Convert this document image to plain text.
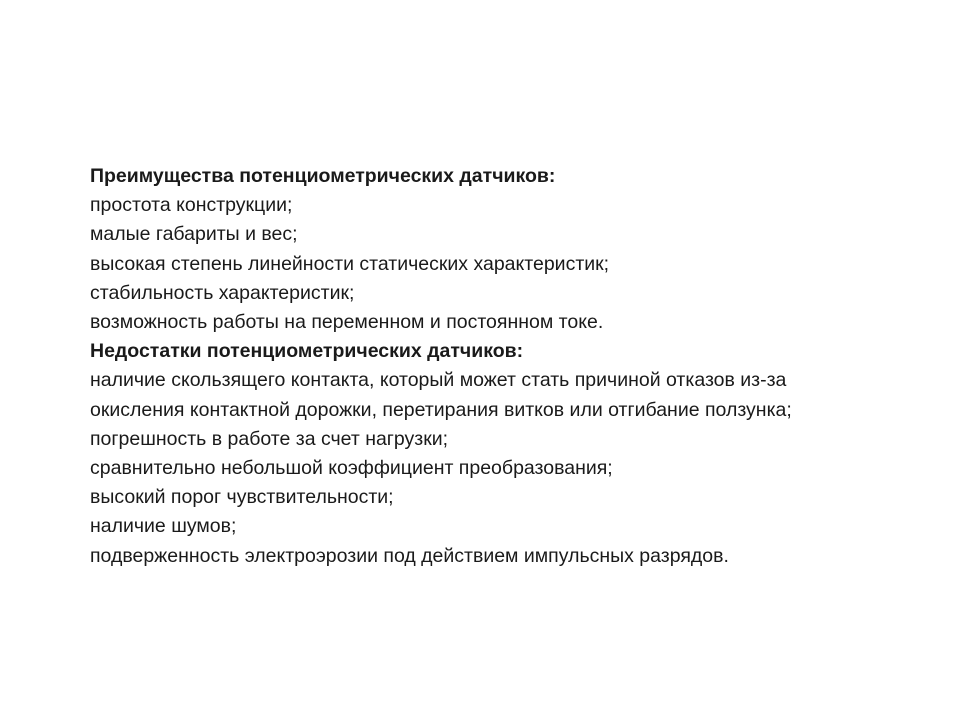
Преимущества потенциометрических датчиков:
простота конструкции;
малые габариты и вес;
высокая степень линейности статических характеристик;
стабильность характеристик;
возможность работы на переменном и постоянном токе.
Недостатки потенциометрических датчиков:
наличие скользящего контакта, который может стать причиной отказов из-за
окисления контактной дорожки, перетирания витков или отгибание ползунка;
погрешность в работе за счет нагрузки;
сравнительно небольшой коэффициент преобразования;
высокий порог чувствительности;
наличие шумов;
подверженность электроэрозии под действием импульсных разрядов.
